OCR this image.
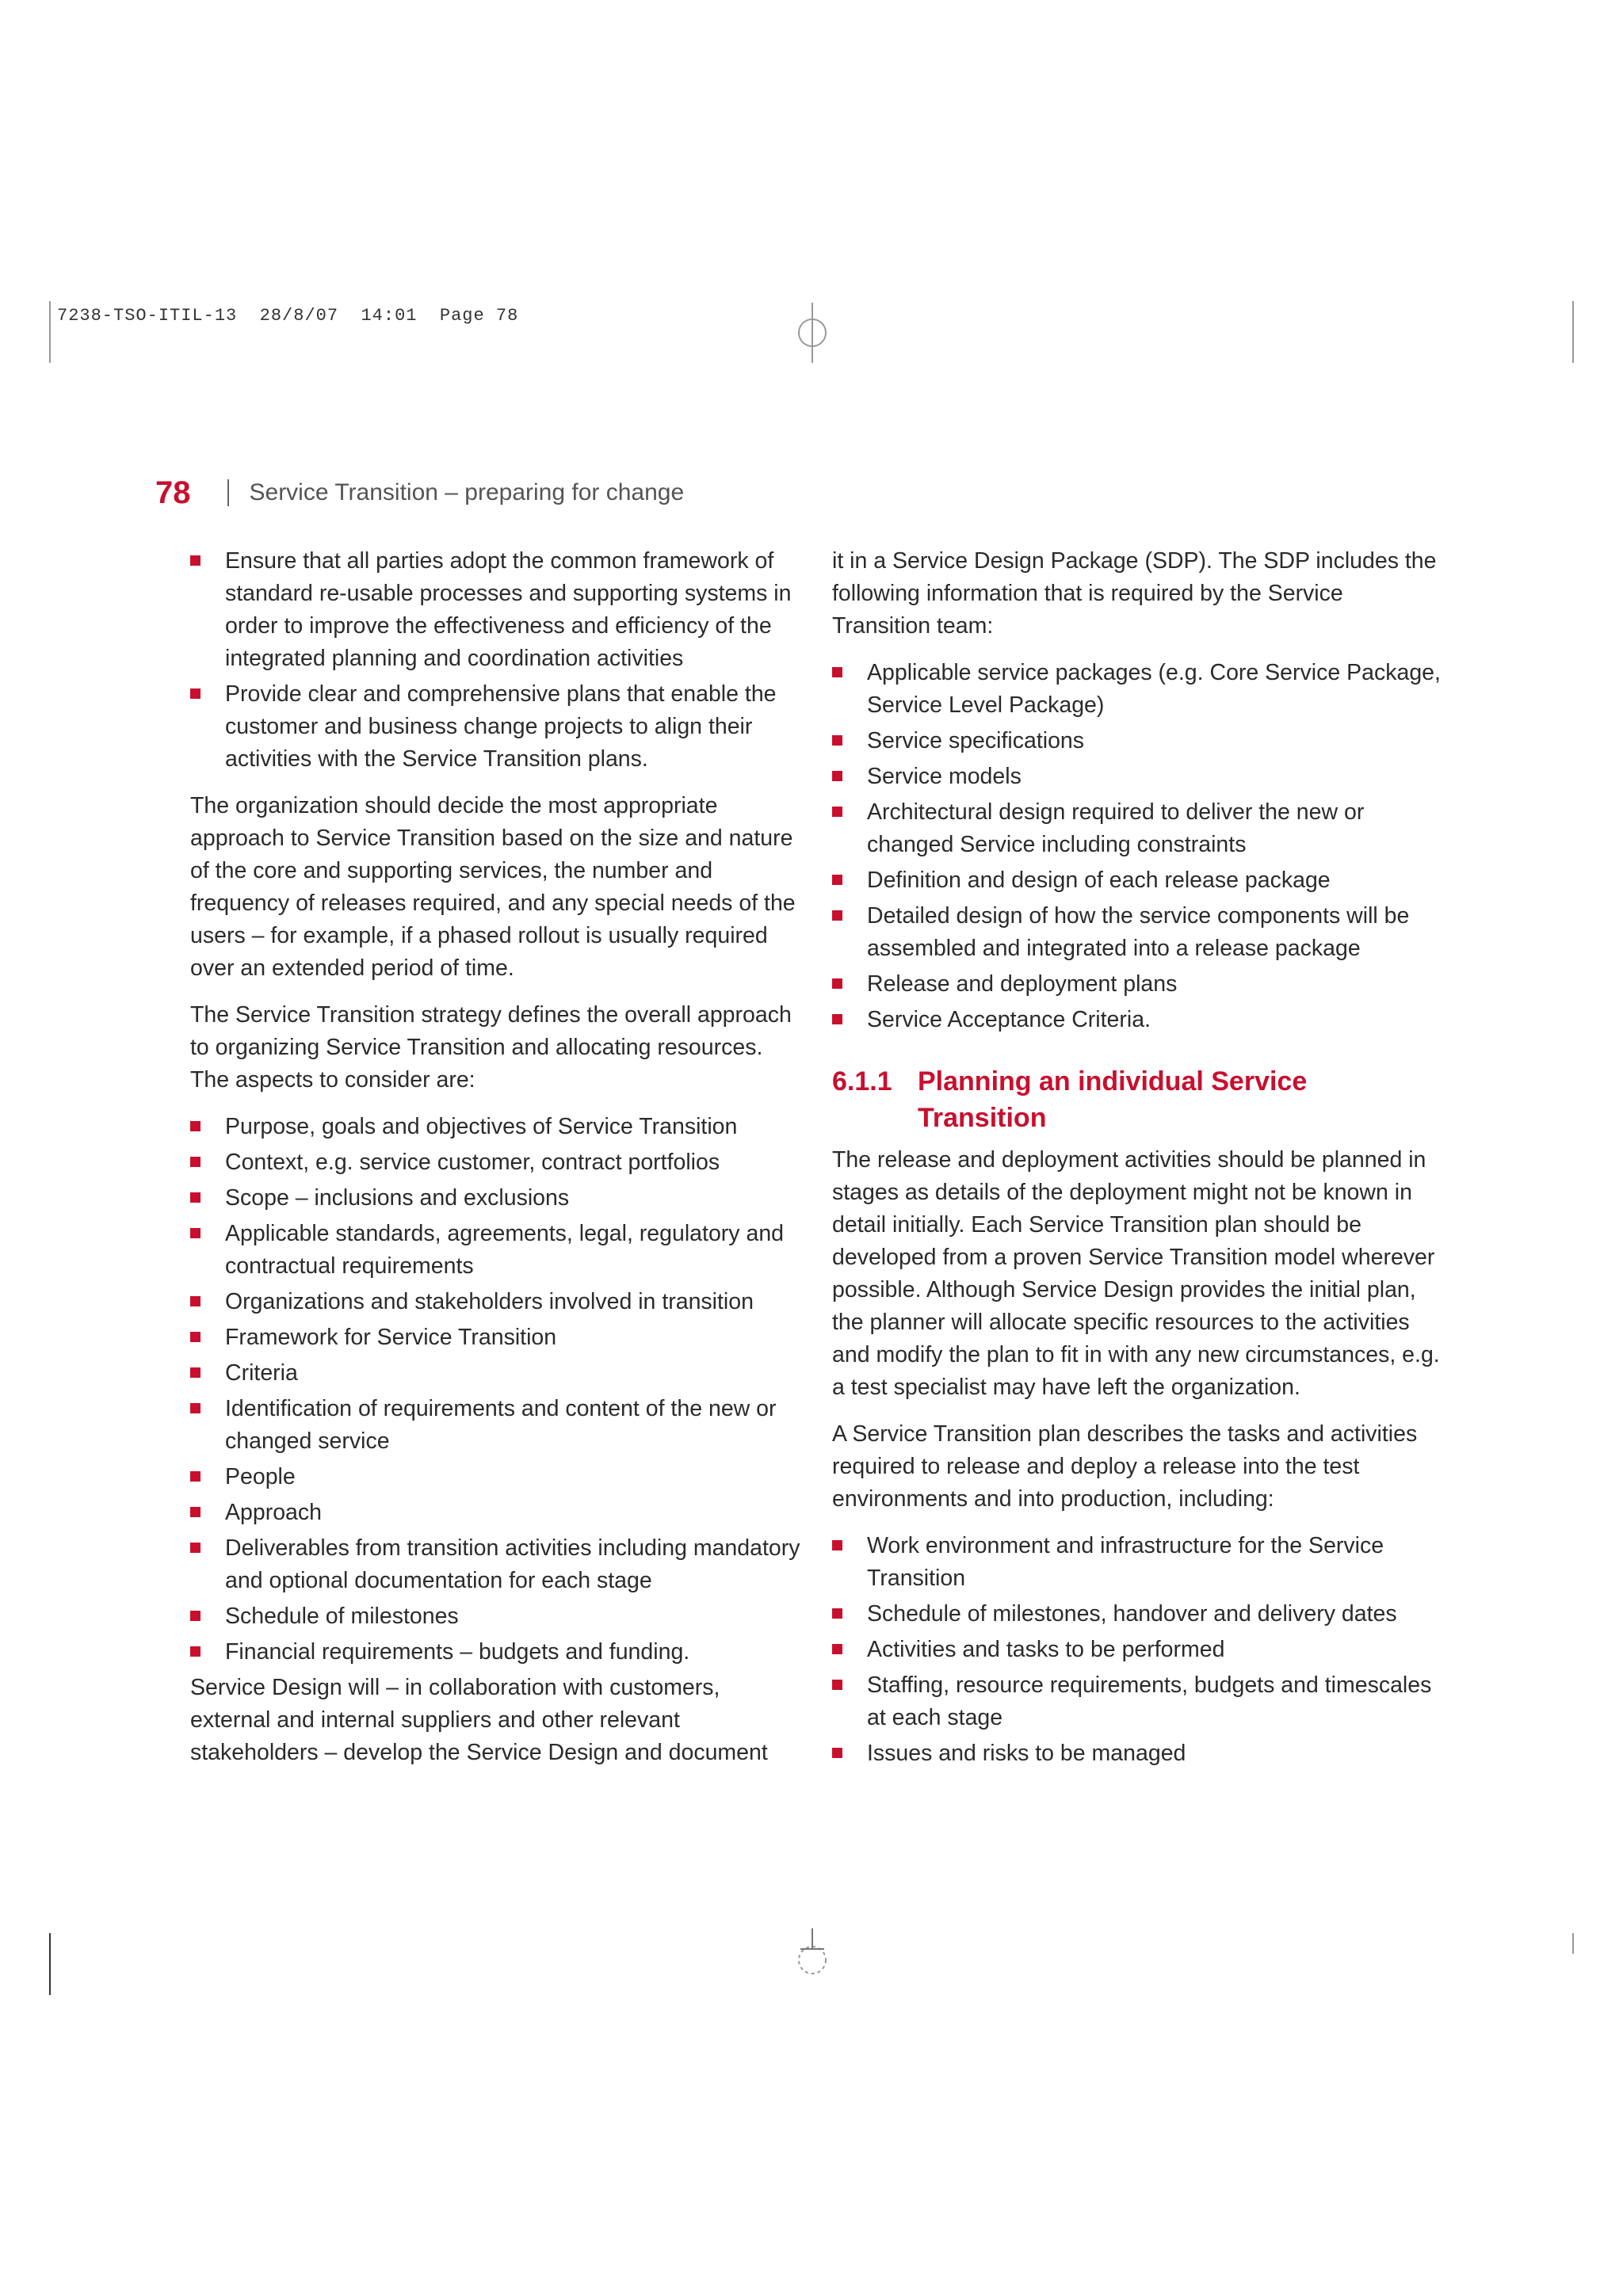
7238-TSO-ITIL-13  28/8/07  14:01  Page 78
78 Service Transition – preparing for change
Ensure that all parties adopt the common framework of standard re-usable processes and supporting systems in order to improve the effectiveness and efficiency of the integrated planning and coordination activities
Provide clear and comprehensive plans that enable the customer and business change projects to align their activities with the Service Transition plans.

The organization should decide the most appropriate approach to Service Transition based on the size and nature of the core and supporting services, the number and frequency of releases required, and any special needs of the users – for example, if a phased rollout is usually required over an extended period of time.

The Service Transition strategy defines the overall approach to organizing Service Transition and allocating resources. The aspects to consider are:

Purpose, goals and objectives of Service Transition
Context, e.g. service customer, contract portfolios
Scope – inclusions and exclusions
Applicable standards, agreements, legal, regulatory and contractual requirements
Organizations and stakeholders involved in transition
Framework for Service Transition
Criteria
Identification of requirements and content of the new or changed service
People
Approach
Deliverables from transition activities including mandatory and optional documentation for each stage
Schedule of milestones
Financial requirements – budgets and funding.

Service Design will – in collaboration with customers, external and internal suppliers and other relevant stakeholders – develop the Service Design and document

it in a Service Design Package (SDP). The SDP includes the following information that is required by the Service Transition team:

Applicable service packages (e.g. Core Service Package, Service Level Package)
Service specifications
Service models
Architectural design required to deliver the new or changed Service including constraints
Definition and design of each release package
Detailed design of how the service components will be assembled and integrated into a release package
Release and deployment plans
Service Acceptance Criteria.
6.1.1 Planning an individual Service Transition

The release and deployment activities should be planned in stages as details of the deployment might not be known in detail initially. Each Service Transition plan should be developed from a proven Service Transition model wherever possible. Although Service Design provides the initial plan, the planner will allocate specific resources to the activities and modify the plan to fit in with any new circumstances, e.g. a test specialist may have left the organization.

A Service Transition plan describes the tasks and activities required to release and deploy a release into the test environments and into production, including:

Work environment and infrastructure for the Service Transition
Schedule of milestones, handover and delivery dates
Activities and tasks to be performed
Staffing, resource requirements, budgets and timescales at each stage
Issues and risks to be managed
